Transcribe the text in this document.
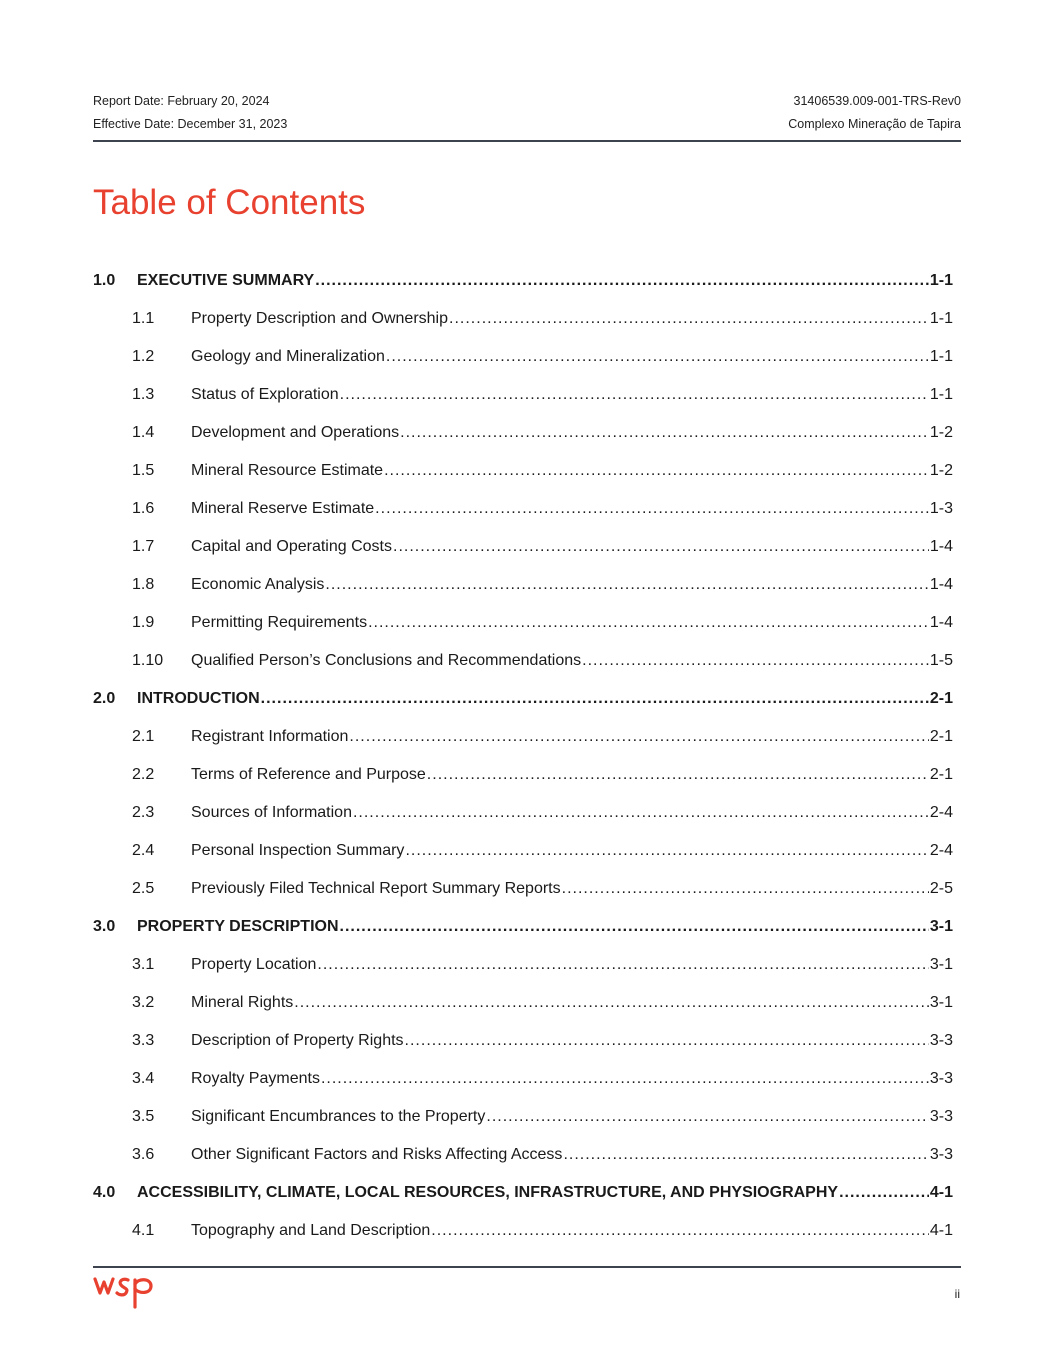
Report Date: February 20, 2024	31406539.009-001-TRS-Rev0
Effective Date: December 31, 2023	Complexo Mineração de Tapira
Table of Contents
1.0	EXECUTIVE SUMMARY .....	1-1
1.1	Property Description and Ownership .....	1-1
1.2	Geology and Mineralization .....	1-1
1.3	Status of Exploration .....	1-1
1.4	Development and Operations .....	1-2
1.5	Mineral Resource Estimate .....	1-2
1.6	Mineral Reserve Estimate .....	1-3
1.7	Capital and Operating Costs .....	1-4
1.8	Economic Analysis .....	1-4
1.9	Permitting Requirements .....	1-4
1.10	Qualified Person’s Conclusions and Recommendations .....	1-5
2.0	INTRODUCTION .....	2-1
2.1	Registrant Information .....	2-1
2.2	Terms of Reference and Purpose .....	2-1
2.3	Sources of Information .....	2-4
2.4	Personal Inspection Summary .....	2-4
2.5	Previously Filed Technical Report Summary Reports .....	2-5
3.0	PROPERTY DESCRIPTION .....	3-1
3.1	Property Location .....	3-1
3.2	Mineral Rights .....	3-1
3.3	Description of Property Rights .....	3-3
3.4	Royalty Payments .....	3-3
3.5	Significant Encumbrances to the Property .....	3-3
3.6	Other Significant Factors and Risks Affecting Access .....	3-3
4.0	ACCESSIBILITY, CLIMATE, LOCAL RESOURCES, INFRASTRUCTURE, AND PHYSIOGRAPHY .....	4-1
4.1	Topography and Land Description .....	4-1
ii
